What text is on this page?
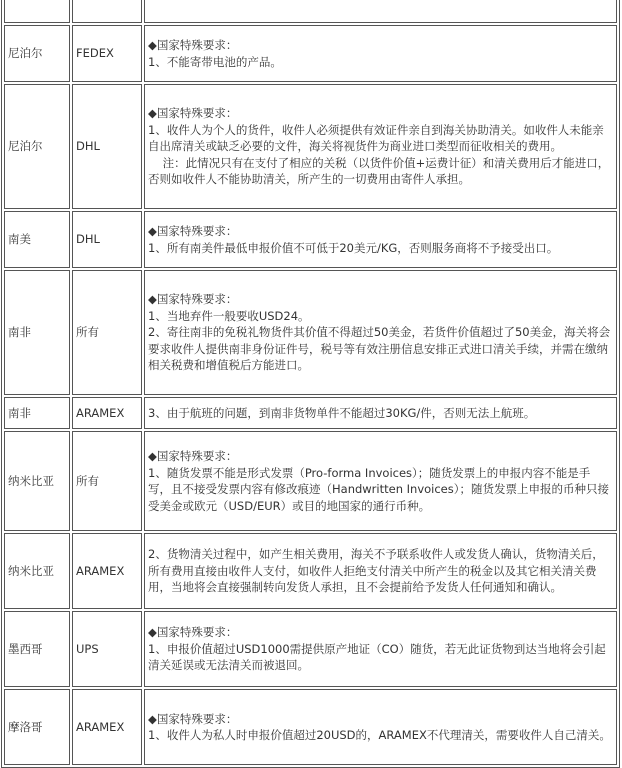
尼泊尔	FEDEX	◆国家特殊要求：
1、不能寄带电池的产品。

尼泊尔	DHL	◆国家特殊要求：
1、收件人为个人的货件，收件人必须提供有效证件亲自到海关协助清关。如收件人未能亲自出席清关或缺乏必要的文件，海关将视货件为商业进口类型而征收相关的费用。
注：此情况只有在支付了相应的关税（以货件价值+运费计征）和清关费用后才能进口，否则如收件人不能协助清关，所产生的一切费用由寄件人承担。

南美	DHL	◆国家特殊要求：
1、所有南美件最低申报价值不可低于20美元/KG，否则服务商将不予接受出口。

南非	所有	◆国家特殊要求：
1、当地弃件一般要收USD24。
2、寄往南非的免税礼物货件其价值不得超过50美金，若货件价值超过了50美金，海关将会要求收件人提供南非身份证件号，税号等有效注册信息安排正式进口清关手续，并需在缴纳相关税费和增值税后方能进口。

南非	ARAMEX	3、由于航班的问题，到南非货物单件不能超过30KG/件，否则无法上航班。

纳米比亚	所有	◆国家特殊要求：
1、随货发票不能是形式发票（Pro-forma Invoices）；随货发票上的申报内容不能是手写，且不接受发票内容有修改痕迹（Handwritten Invoices）；随货发票上申报的币种只接受美金或欧元（USD/EUR）或目的地国家的通行币种。

纳米比亚	ARAMEX	2、货物清关过程中，如产生相关费用，海关不予联系收件人或发货人确认，货物清关后，所有费用直接由收件人支付，如收件人拒绝支付清关中所产生的税金以及其它相关清关费用，当地将会直接强制转向发货人承担，且不会提前给予发货人任何通知和确认。

墨西哥	UPS	◆国家特殊要求：
1、申报价值超过USD1000需提供原产地证（CO）随货，若无此证货物到达当地将会引起清关延误或无法清关而被退回。

摩洛哥	ARAMEX	◆国家特殊要求：
1、收件人为私人时申报价值超过20USD的，ARAMEX不代理清关，需要收件人自己清关。
